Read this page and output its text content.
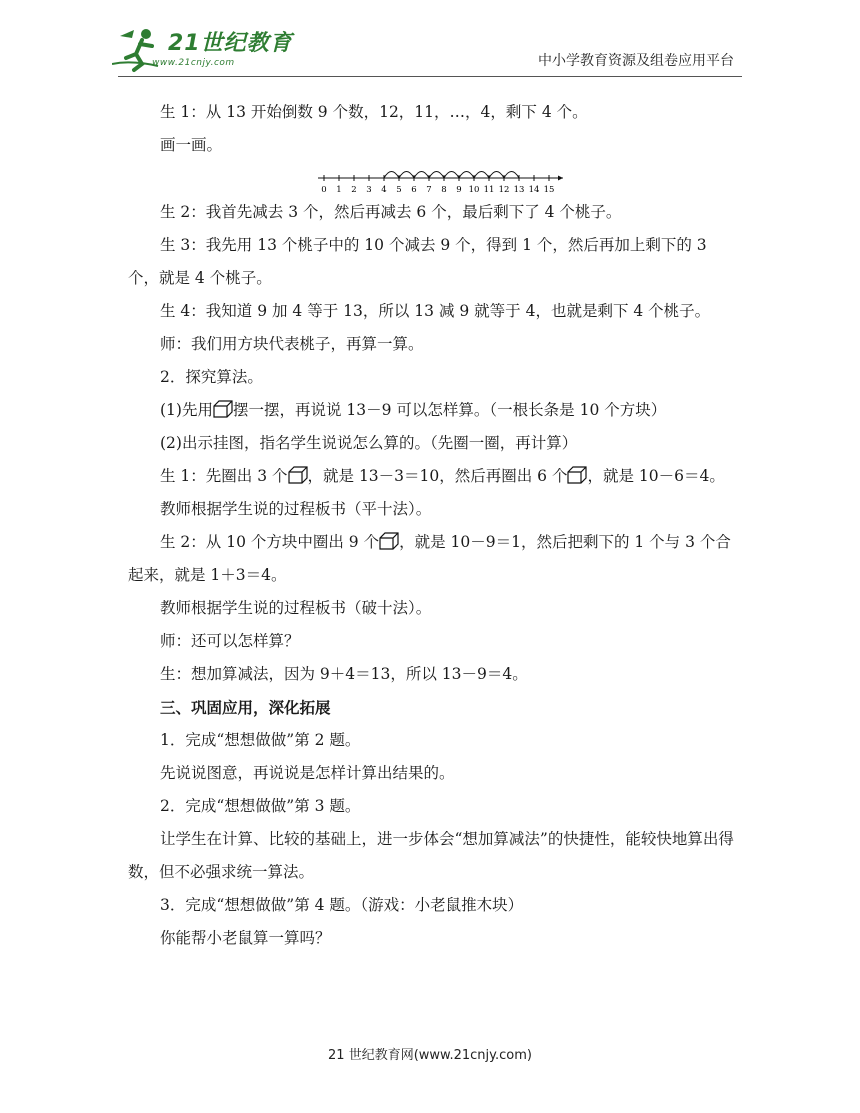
21世纪教育
www.21cnjy.com	中小学教育资源及组卷应用平台

生 1：从 13 开始倒数 9 个数，12，11，…，4，剩下 4 个。

画一画。

0 1 2 3 4 5 6 7 8 9 10 11 12 13 14 15

生 2：我首先减去 3 个，然后再减去 6 个，最后剩下了 4 个桃子。

生 3：我先用 13 个桃子中的 10 个减去 9 个，得到 1 个，然后再加上剩下的 3 个，就是 4 个桃子。

生 4：我知道 9 加 4 等于 13，所以 13 减 9 就等于 4，也就是剩下 4 个桃子。

师：我们用方块代表桃子，再算一算。

2．探究算法。

(1)先用 摆一摆，再说说 13－9 可以怎样算。（一根长条是 10 个方块）

(2)出示挂图，指名学生说说怎么算的。（先圈一圈，再计算）

生 1：先圈出 3 个 ，就是 13－3＝10，然后再圈出 6 个 ，就是 10－6＝4。

教师根据学生说的过程板书（平十法）。

生 2：从 10 个方块中圈出 9 个 ，就是 10－9＝1，然后把剩下的 1 个与 3 个合起来，就是 1＋3＝4。

教师根据学生说的过程板书（破十法）。

师：还可以怎样算？

生：想加算减法，因为 9＋4＝13，所以 13－9＝4。

三、巩固应用，深化拓展

1．完成“想想做做”第 2 题。

先说说图意，再说说是怎样计算出结果的。

2．完成“想想做做”第 3 题。

让学生在计算、比较的基础上，进一步体会“想加算减法”的快捷性，能较快地算出得数，但不必强求统一算法。

3．完成“想想做做”第 4 题。（游戏：小老鼠推木块）

你能帮小老鼠算一算吗？

21 世纪教育网(www.21cnjy.com)
